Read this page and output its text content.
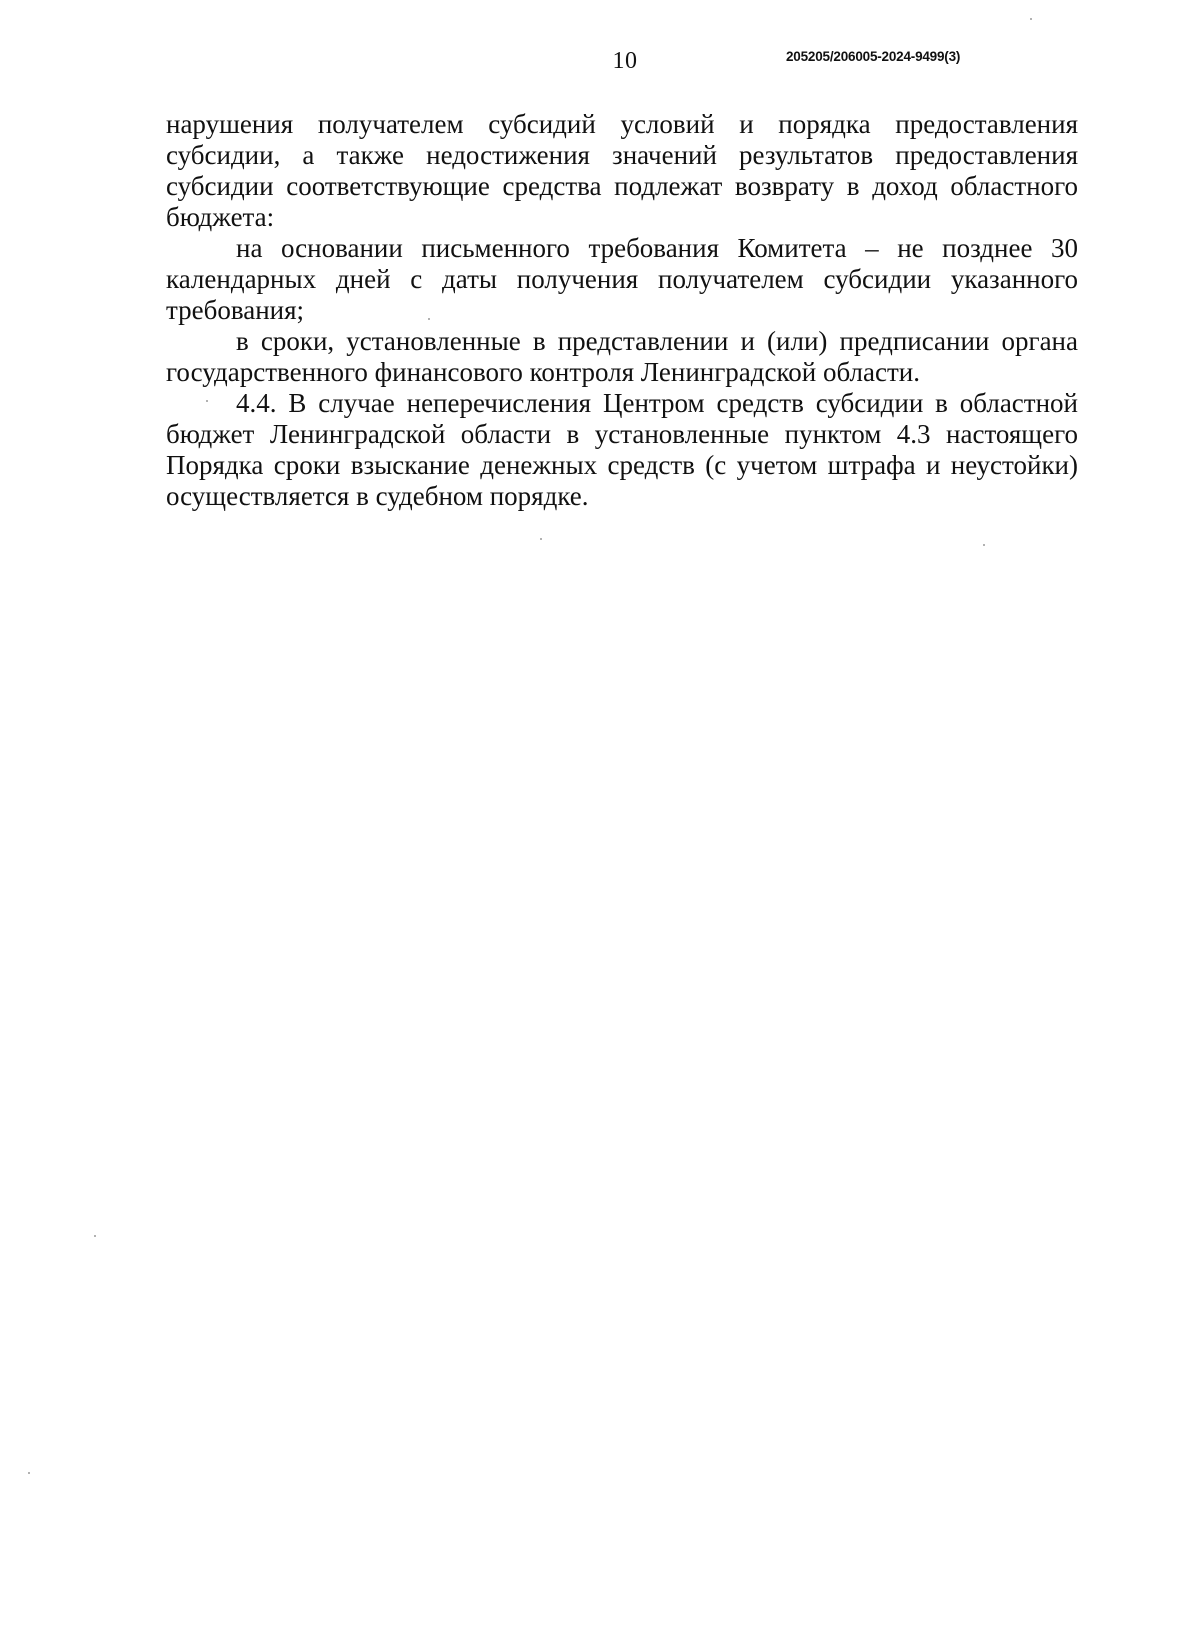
10	205205/206005-2024-9499(3)

нарушения получателем субсидий условий и порядка предоставления субсидии, а также недостижения значений результатов предоставления субсидии соответствующие средства подлежат возврату в доход областного бюджета:

на основании письменного требования Комитета – не позднее 30 календарных дней с даты получения получателем субсидии указанного требования;

в сроки, установленные в представлении и (или) предписании органа государственного финансового контроля Ленинградской области.

4.4. В случае неперечисления Центром средств субсидии в областной бюджет Ленинградской области в установленные пунктом 4.3 настоящего Порядка сроки взыскание денежных средств (с учетом штрафа и неустойки) осуществляется в судебном порядке.
